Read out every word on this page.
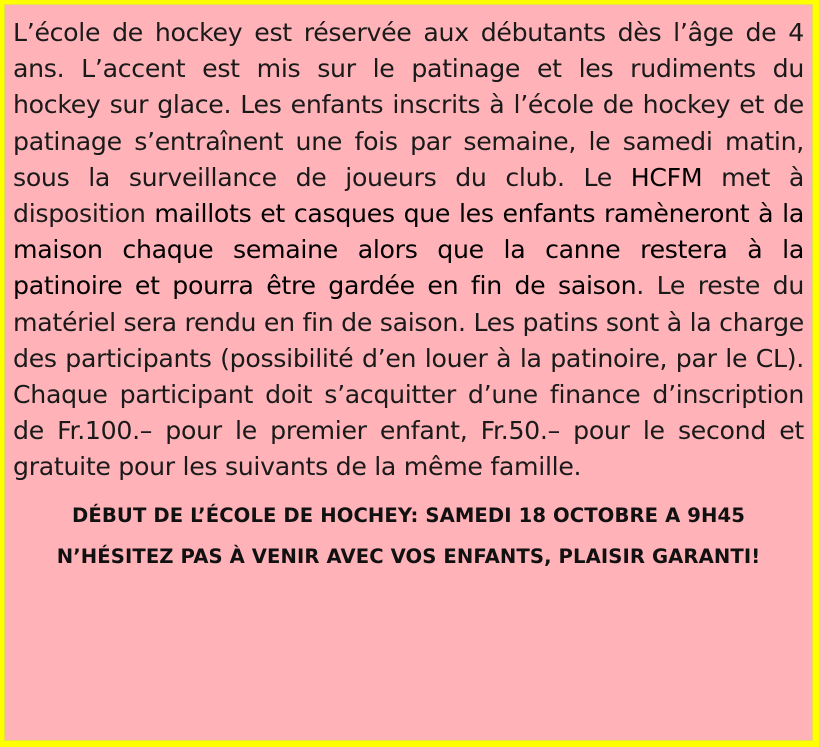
L’école de hockey est réservée aux débutants dès l’âge de 4 ans. L’accent est mis sur le patinage et les rudiments du hockey sur glace. Les enfants inscrits à l’école de hockey et de patinage s’entraînent une fois par semaine, le samedi matin, sous la surveillance de joueurs du club. Le HCFM met à disposition maillots et casques que les enfants ramèneront à la maison chaque semaine alors que la canne restera à la patinoire et pourra être gardée en fin de saison. Le reste du matériel sera rendu en fin de saison. Les patins sont à la charge des participants (possibilité d’en louer à la patinoire, par le CL). Chaque participant doit s’acquitter d’une finance d’inscription de Fr.100.– pour le premier enfant, Fr.50.– pour le second et gratuite pour les suivants de la même famille.

DÉBUT DE L’ÉCOLE DE HOCHEY: SAMEDI 18 OCTOBRE A 9H45

N’HÉSITEZ PAS À VENIR AVEC VOS ENFANTS, PLAISIR GARANTI!
